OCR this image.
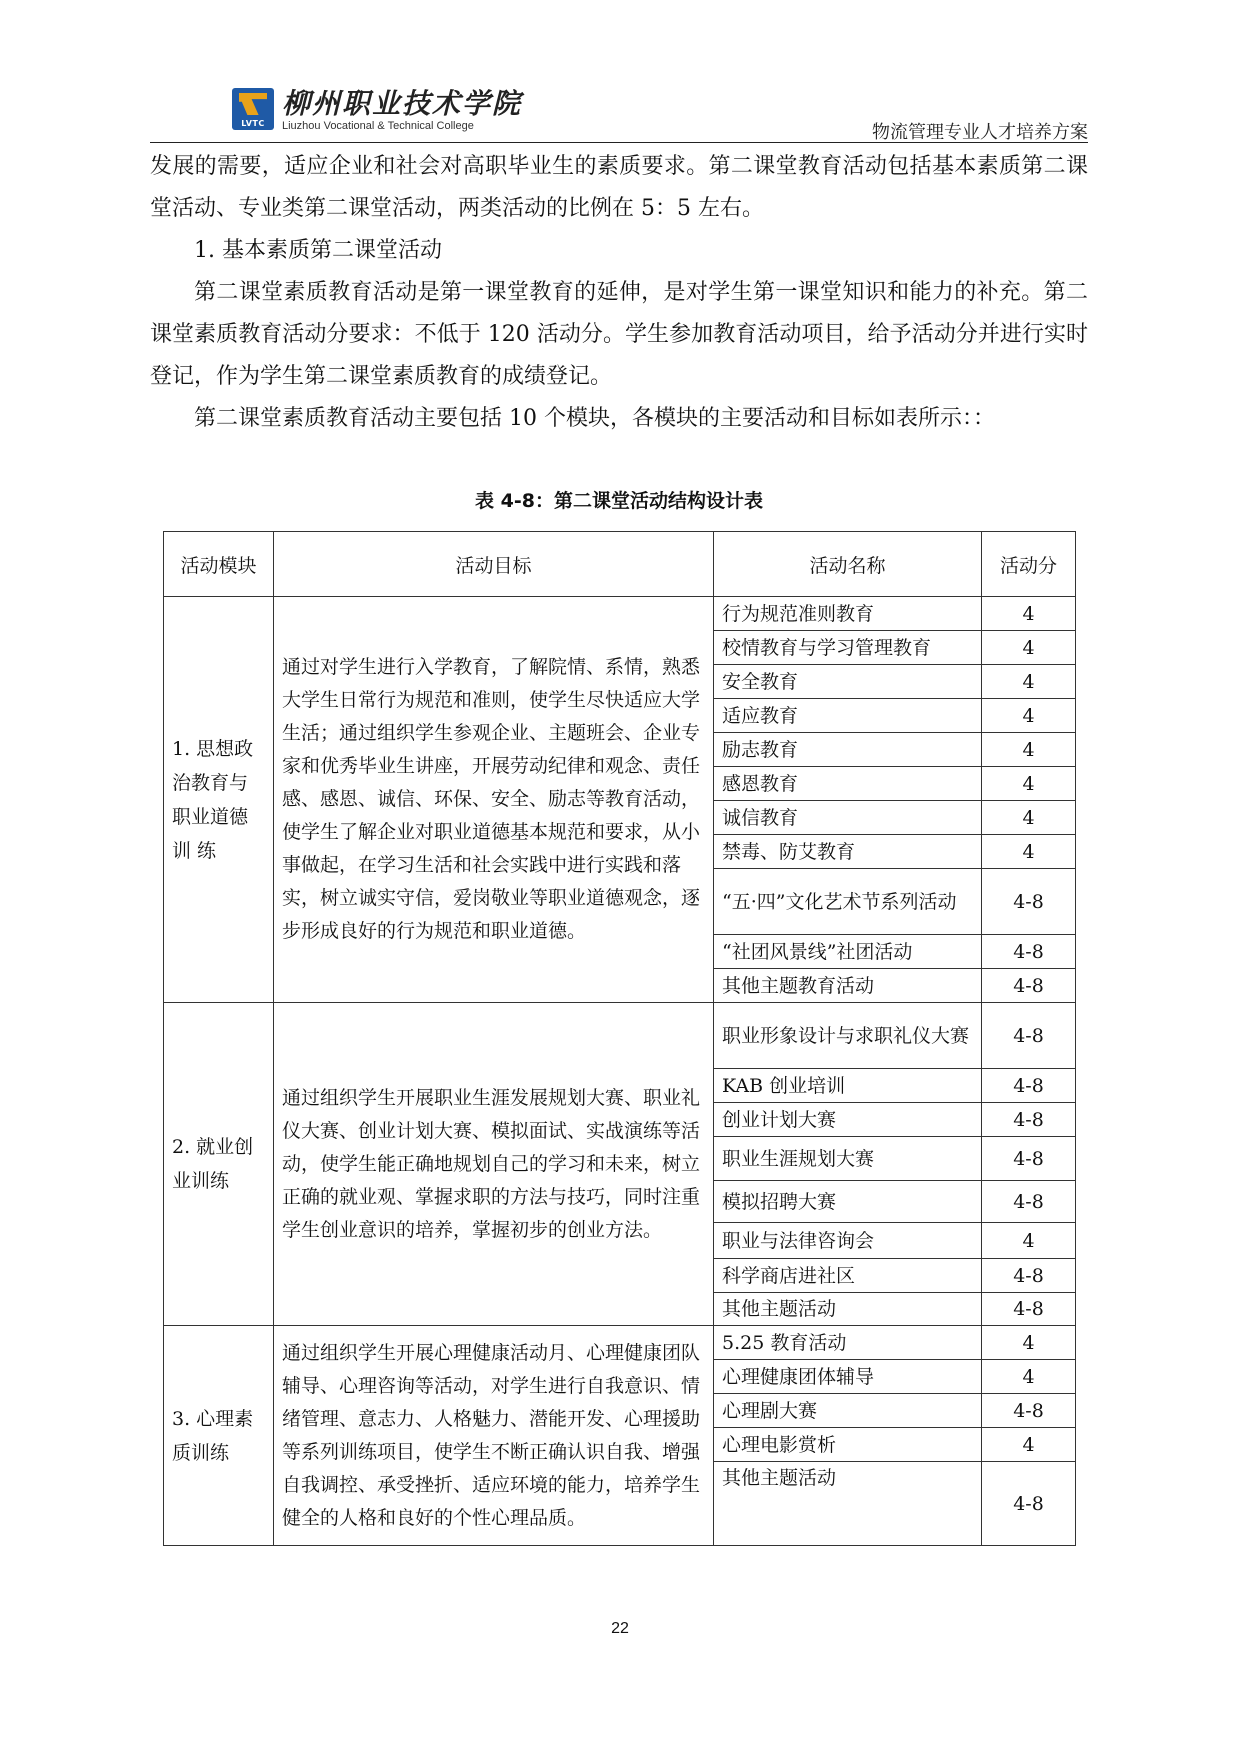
LVTC
柳州职业技术学院
Liuzhou Vocational & Technical College	物流管理专业人才培养方案

发展的需要，适应企业和社会对高职毕业生的素质要求。第二课堂教育活动包括基本素质第二课堂活动、专业类第二课堂活动，两类活动的比例在 5：5 左右。

1. 基本素质第二课堂活动

第二课堂素质教育活动是第一课堂教育的延伸，是对学生第一课堂知识和能力的补充。第二课堂素质教育活动分要求：不低于 120 活动分。学生参加教育活动项目，给予活动分并进行实时登记，作为学生第二课堂素质教育的成绩登记。

第二课堂素质教育活动主要包括 10 个模块，各模块的主要活动和目标如表所示：：

表 4-8：第二课堂活动结构设计表
活动模块	活动目标	活动名称	活动分
1. 思想政治教育与职业道德训 练	通过对学生进行入学教育，了解院情、系情，熟悉大学生日常行为规范和准则，使学生尽快适应大学生活；通过组织学生参观企业、主题班会、企业专家和优秀毕业生讲座，开展劳动纪律和观念、责任感、感恩、诚信、环保、安全、励志等教育活动，使学生了解企业对职业道德基本规范和要求，从小事做起，在学习生活和社会实践中进行实践和落实，树立诚实守信，爱岗敬业等职业道德观念，逐步形成良好的行为规范和职业道德。	行为规范准则教育	4
		校情教育与学习管理教育	4
		安全教育	4
		适应教育	4
		励志教育	4
		感恩教育	4
		诚信教育	4
		禁毒、防艾教育	4
		“五·四”文化艺术节系列活动	4-8
		“社团风景线”社团活动	4-8
		其他主题教育活动	4-8
2. 就业创业训练	通过组织学生开展职业生涯发展规划大赛、职业礼仪大赛、创业计划大赛、模拟面试、实战演练等活动，使学生能正确地规划自己的学习和未来，树立正确的就业观、掌握求职的方法与技巧，同时注重学生创业意识的培养，掌握初步的创业方法。	职业形象设计与求职礼仪大赛	4-8
		KAB 创业培训	4-8
		创业计划大赛	4-8
		职业生涯规划大赛	4-8
		模拟招聘大赛	4-8
		职业与法律咨询会	4
		科学商店进社区	4-8
		其他主题活动	4-8
3. 心理素质训练	通过组织学生开展心理健康活动月、心理健康团队辅导、心理咨询等活动，对学生进行自我意识、情绪管理、意志力、人格魅力、潜能开发、心理援助等系列训练项目，使学生不断正确认识自我、增强自我调控、承受挫折、适应环境的能力，培养学生健全的人格和良好的个性心理品质。	5.25 教育活动	4
		心理健康团体辅导	4
		心理剧大赛	4-8
		心理电影赏析	4
		其他主题活动	4-8
22
